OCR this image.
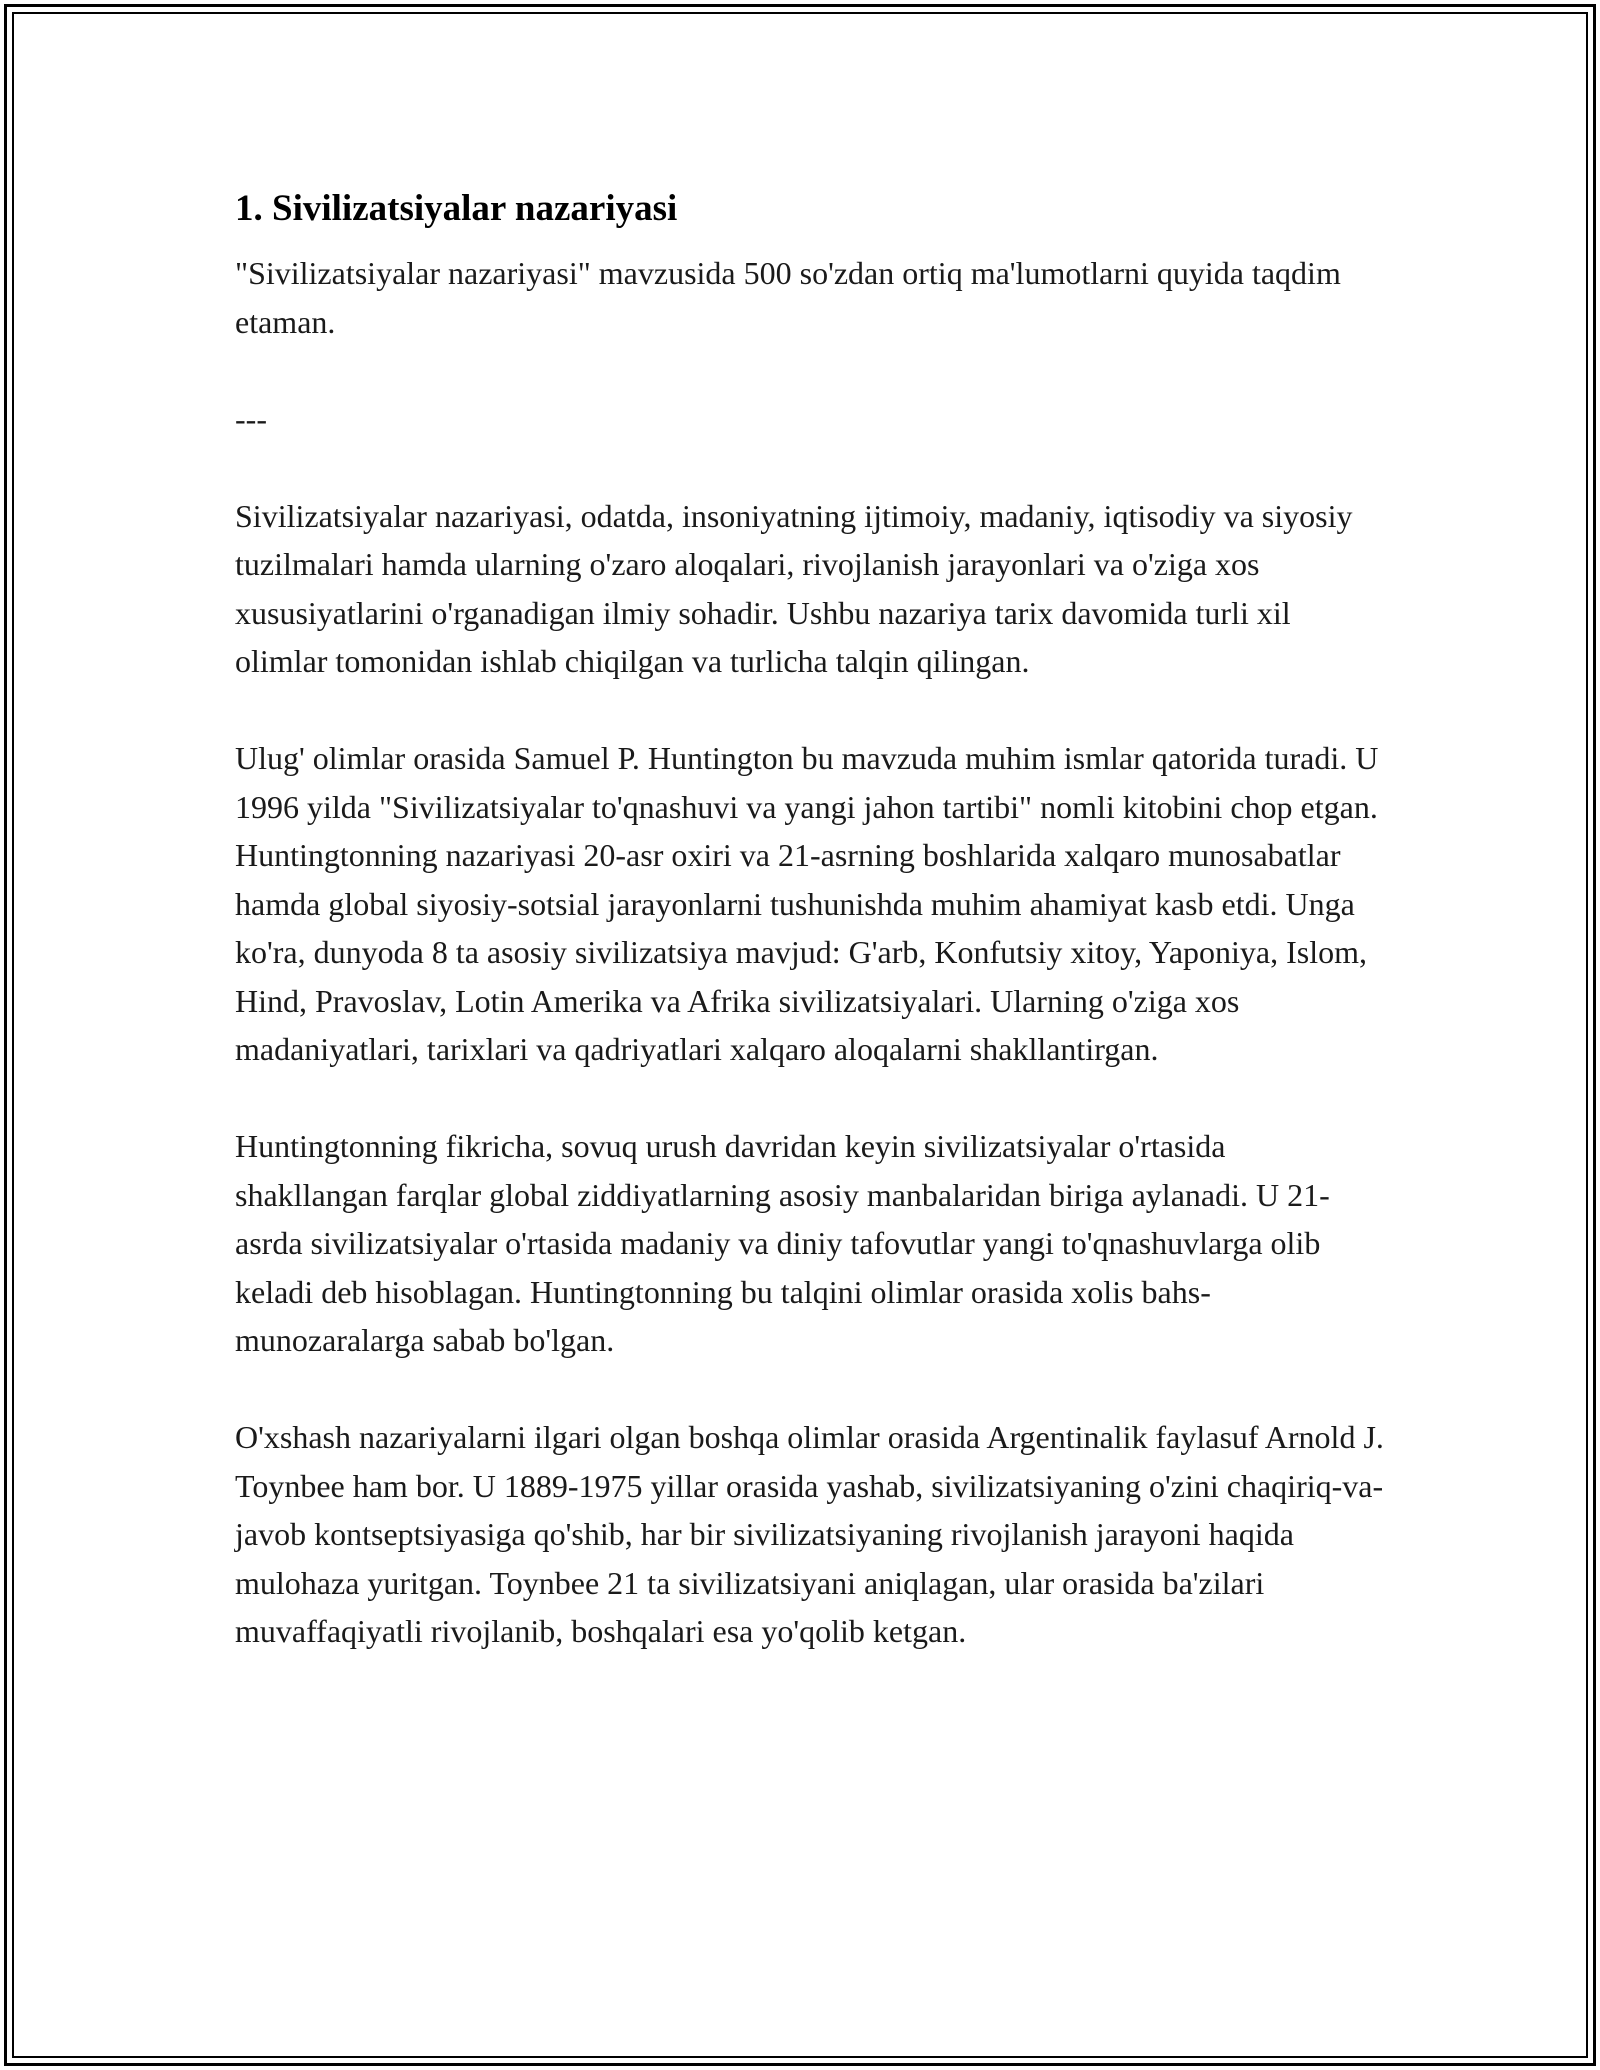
1. Sivilizatsiyalar nazariyasi

"Sivilizatsiyalar nazariyasi" mavzusida 500 so'zdan ortiq ma'lumotlarni quyida taqdim etaman.

---

Sivilizatsiyalar nazariyasi, odatda, insoniyatning ijtimoiy, madaniy, iqtisodiy va siyosiy tuzilmalari hamda ularning o'zaro aloqalari, rivojlanish jarayonlari va o'ziga xos xususiyatlarini o'rganadigan ilmiy sohadir. Ushbu nazariya tarix davomida turli xil olimlar tomonidan ishlab chiqilgan va turlicha talqin qilingan.

Ulug' olimlar orasida Samuel P. Huntington bu mavzuda muhim ismlar qatorida turadi. U 1996 yilda "Sivilizatsiyalar to'qnashuvi va yangi jahon tartibi" nomli kitobini chop etgan. Huntingtonning nazariyasi 20-asr oxiri va 21-asrning boshlarida xalqaro munosabatlar hamda global siyosiy-sotsial jarayonlarni tushunishda muhim ahamiyat kasb etdi. Unga ko'ra, dunyoda 8 ta asosiy sivilizatsiya mavjud: G'arb, Konfutsiy xitoy, Yaponiya, Islom, Hind, Pravoslav, Lotin Amerika va Afrika sivilizatsiyalari. Ularning o'ziga xos madaniyatlari, tarixlari va qadriyatlari xalqaro aloqalarni shakllantirgan.

Huntingtonning fikricha, sovuq urush davridan keyin sivilizatsiyalar o'rtasida shakllangan farqlar global ziddiyatlarning asosiy manbalaridan biriga aylanadi. U 21-asrda sivilizatsiyalar o'rtasida madaniy va diniy tafovutlar yangi to'qnashuvlarga olib keladi deb hisoblagan. Huntingtonning bu talqini olimlar orasida xolis bahs-munozaralarga sabab bo'lgan.

O'xshash nazariyalarni ilgari olgan boshqa olimlar orasida Argentinalik faylasuf Arnold J. Toynbee ham bor. U 1889-1975 yillar orasida yashab, sivilizatsiyaning o'zini chaqiriq-va-javob kontseptsiyasiga qo'shib, har bir sivilizatsiyaning rivojlanish jarayoni haqida mulohaza yuritgan. Toynbee 21 ta sivilizatsiyani aniqlagan, ular orasida ba'zilari muvaffaqiyatli rivojlanib, boshqalari esa yo'qolib ketgan.
